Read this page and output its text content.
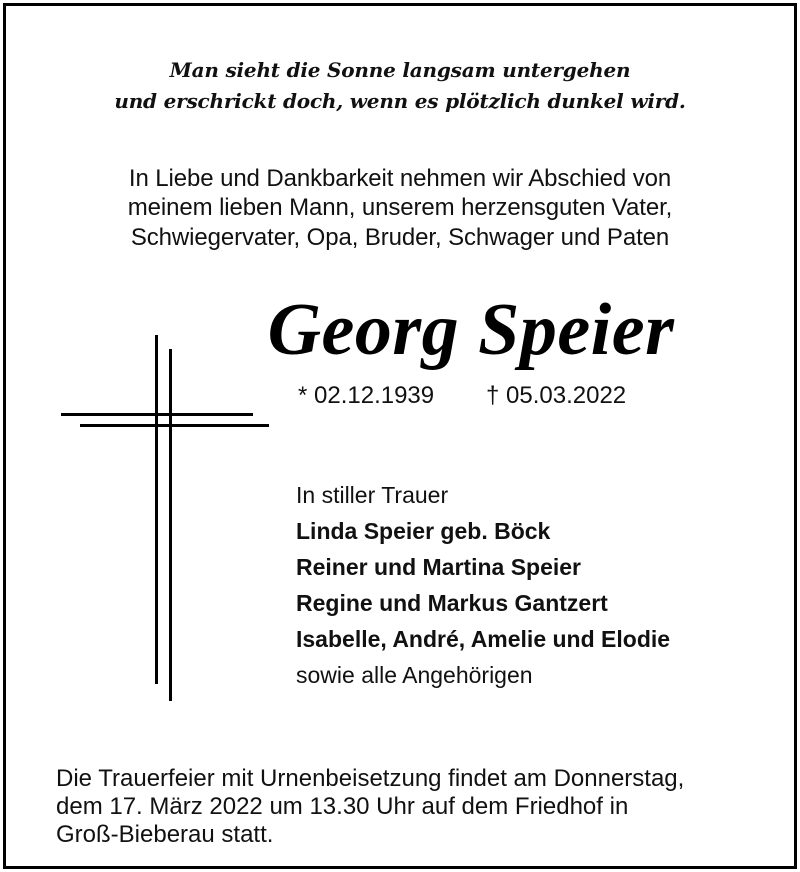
Man sieht die Sonne langsam untergehen
und erschrickt doch, wenn es plötzlich dunkel wird.
In Liebe und Dankbarkeit nehmen wir Abschied von
meinem lieben Mann, unserem herzensguten Vater,
Schwiegervater, Opa, Bruder, Schwager und Paten
Georg Speier
* 02.12.1939 † 05.03.2022
In stiller Trauer
Linda Speier geb. Böck
Reiner und Martina Speier
Regine und Markus Gantzert
Isabelle, André, Amelie und Elodie
sowie alle Angehörigen
Die Trauerfeier mit Urnenbeisetzung findet am Donnerstag,
dem 17. März 2022 um 13.30 Uhr auf dem Friedhof in
Groß-Bieberau statt.
